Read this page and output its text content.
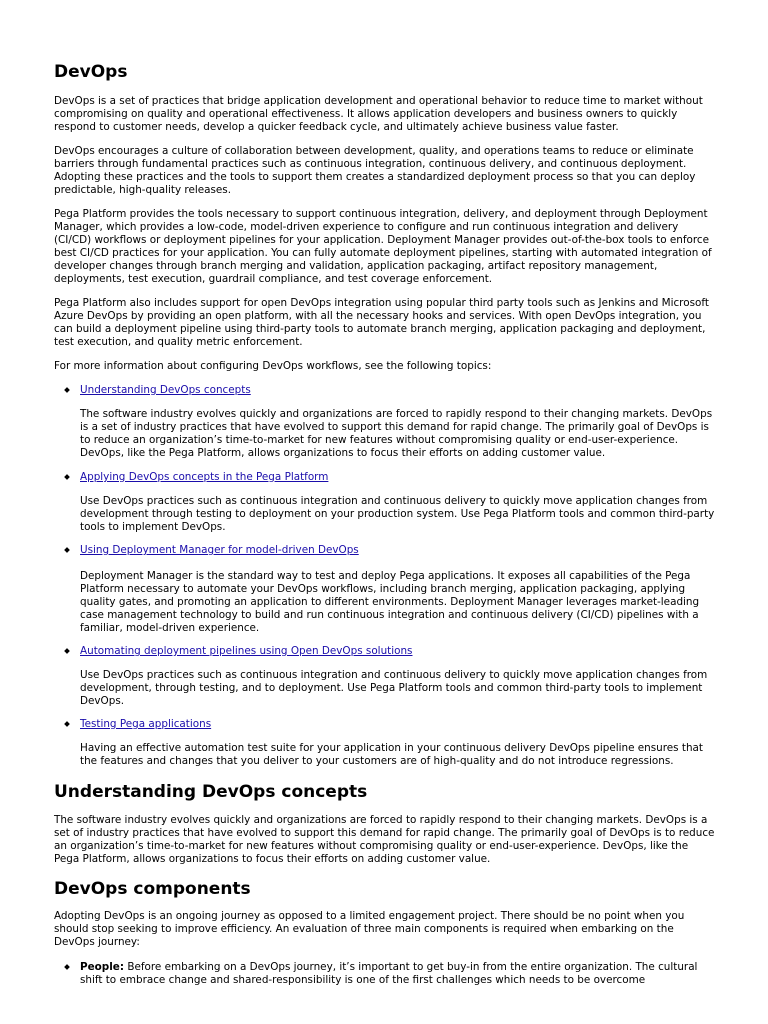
DevOps

DevOps is a set of practices that bridge application development and operational behavior to reduce time to market without compromising on quality and operational effectiveness. It allows application developers and business owners to quickly respond to customer needs, develop a quicker feedback cycle, and ultimately achieve business value faster.

DevOps encourages a culture of collaboration between development, quality, and operations teams to reduce or eliminate barriers through fundamental practices such as continuous integration, continuous delivery, and continuous deployment. Adopting these practices and the tools to support them creates a standardized deployment process so that you can deploy predictable, high-quality releases.

Pega Platform provides the tools necessary to support continuous integration, delivery, and deployment through Deployment Manager, which provides a low-code, model-driven experience to configure and run continuous integration and delivery (CI/CD) workflows or deployment pipelines for your application. Deployment Manager provides out-of-the-box tools to enforce best CI/CD practices for your application. You can fully automate deployment pipelines, starting with automated integration of developer changes through branch merging and validation, application packaging, artifact repository management, deployments, test execution, guardrail compliance, and test coverage enforcement.

Pega Platform also includes support for open DevOps integration using popular third party tools such as Jenkins and Microsoft Azure DevOps by providing an open platform, with all the necessary hooks and services. With open DevOps integration, you can build a deployment pipeline using third-party tools to automate branch merging, application packaging and deployment, test execution, and quality metric enforcement.

For more information about configuring DevOps workflows, see the following topics:

Understanding DevOps concepts

The software industry evolves quickly and organizations are forced to rapidly respond to their changing markets. DevOps is a set of industry practices that have evolved to support this demand for rapid change. The primarily goal of DevOps is to reduce an organization’s time-to-market for new features without compromising quality or end-user-experience. DevOps, like the Pega Platform, allows organizations to focus their efforts on adding customer value.

Applying DevOps concepts in the Pega Platform

Use DevOps practices such as continuous integration and continuous delivery to quickly move application changes from development through testing to deployment on your production system. Use Pega Platform tools and common third-party tools to implement DevOps.

Using Deployment Manager for model-driven DevOps

Deployment Manager is the standard way to test and deploy Pega applications. It exposes all capabilities of the Pega Platform necessary to automate your DevOps workflows, including branch merging, application packaging, applying quality gates, and promoting an application to different environments. Deployment Manager leverages market-leading case management technology to build and run continuous integration and continuous delivery (CI/CD) pipelines with a familiar, model-driven experience.

Automating deployment pipelines using Open DevOps solutions

Use DevOps practices such as continuous integration and continuous delivery to quickly move application changes from development, through testing, and to deployment. Use Pega Platform tools and common third-party tools to implement DevOps.

Testing Pega applications

Having an effective automation test suite for your application in your continuous delivery DevOps pipeline ensures that the features and changes that you deliver to your customers are of high-quality and do not introduce regressions.

Understanding DevOps concepts

The software industry evolves quickly and organizations are forced to rapidly respond to their changing markets. DevOps is a set of industry practices that have evolved to support this demand for rapid change. The primarily goal of DevOps is to reduce an organization’s time-to-market for new features without compromising quality or end-user-experience. DevOps, like the Pega Platform, allows organizations to focus their efforts on adding customer value.

DevOps components

Adopting DevOps is an ongoing journey as opposed to a limited engagement project. There should be no point when you should stop seeking to improve efficiency. An evaluation of three main components is required when embarking on the DevOps journey:

People: Before embarking on a DevOps journey, it’s important to get buy-in from the entire organization. The cultural shift to embrace change and shared-responsibility is one of the first challenges which needs to be overcome
